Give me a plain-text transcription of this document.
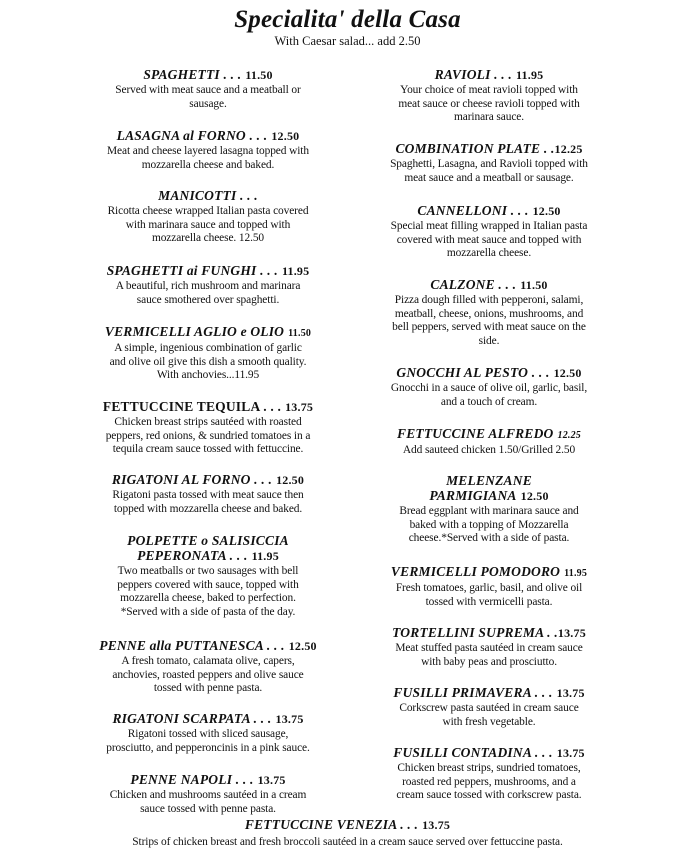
Specialita' della Casa
With Caesar salad... add 2.50
SPAGHETTI . . . 11.50
Served with meat sauce and a meatball or
sausage.
LASAGNA al FORNO . . . 12.50
Meat and cheese layered lasagna topped with
mozzarella cheese and baked.
MANICOTTI . . .
Ricotta cheese wrapped Italian pasta covered
with marinara sauce and topped with
mozzarella cheese. 12.50
SPAGHETTI ai FUNGHI . . . 11.95
A beautiful, rich mushroom and marinara
sauce smothered over spaghetti.
VERMICELLI AGLIO e OLIO 11.50
A simple, ingenious combination of garlic
and olive oil give this dish a smooth quality.
With anchovies...11.95
FETTUCCINE TEQUILA . . . 13.75
Chicken breast strips sautéed with roasted
peppers, red onions, & sundried tomatoes in a
tequila cream sauce tossed with fettuccine.
RIGATONI AL FORNO . . . 12.50
Rigatoni pasta tossed with meat sauce then
topped with mozzarella cheese and baked.
POLPETTE o SALISICCIA
PEPERONATA . . . 11.95
Two meatballs or two sausages with bell
peppers covered with sauce, topped with
mozzarella cheese, baked to perfection.
*Served with a side of pasta of the day.
PENNE alla PUTTANESCA . . . 12.50
A fresh tomato, calamata olive, capers,
anchovies, roasted peppers and olive sauce
tossed with penne pasta.
RIGATONI SCARPATA . . . 13.75
Rigatoni tossed with sliced sausage,
prosciutto, and pepperoncinis in a pink sauce.
PENNE NAPOLI . . . 13.75
Chicken and mushrooms sautéed in a cream
sauce tossed with penne pasta.
RAVIOLI . . . 11.95
Your choice of meat ravioli topped with
meat sauce or cheese ravioli topped with
marinara sauce.
COMBINATION PLATE . .12.25
Spaghetti, Lasagna, and Ravioli topped with
meat sauce and a meatball or sausage.
CANNELLONI . . . 12.50
Special meat filling wrapped in Italian pasta
covered with meat sauce and topped with
mozzarella cheese.
CALZONE . . . 11.50
Pizza dough filled with pepperoni, salami,
meatball, cheese, onions, mushrooms, and
bell peppers, served with meat sauce on the
side.
GNOCCHI AL PESTO . . . 12.50
Gnocchi in a sauce of olive oil, garlic, basil,
and a touch of cream.
FETTUCCINE ALFREDO 12.25
Add sauteed chicken 1.50/Grilled 2.50
MELENZANE
PARMIGIANA 12.50
Bread eggplant with marinara sauce and
baked with a topping of Mozzarella
cheese.*Served with a side of pasta.
VERMICELLI POMODORO 11.95
Fresh tomatoes, garlic, basil, and olive oil
tossed with vermicelli pasta.
TORTELLINI SUPREMA . .13.75
Meat stuffed pasta sautéed in cream sauce
with baby peas and prosciutto.
FUSILLI PRIMAVERA . . . 13.75
Corkscrew pasta sautéed in cream sauce
with fresh vegetable.
FUSILLI CONTADINA . . . 13.75
Chicken breast strips, sundried tomatoes,
roasted red peppers, mushrooms, and a
cream sauce tossed with corkscrew pasta.
FETTUCCINE VENEZIA . . . 13.75
Strips of chicken breast and fresh broccoli sautéed in a cream sauce served over fettuccine pasta.
